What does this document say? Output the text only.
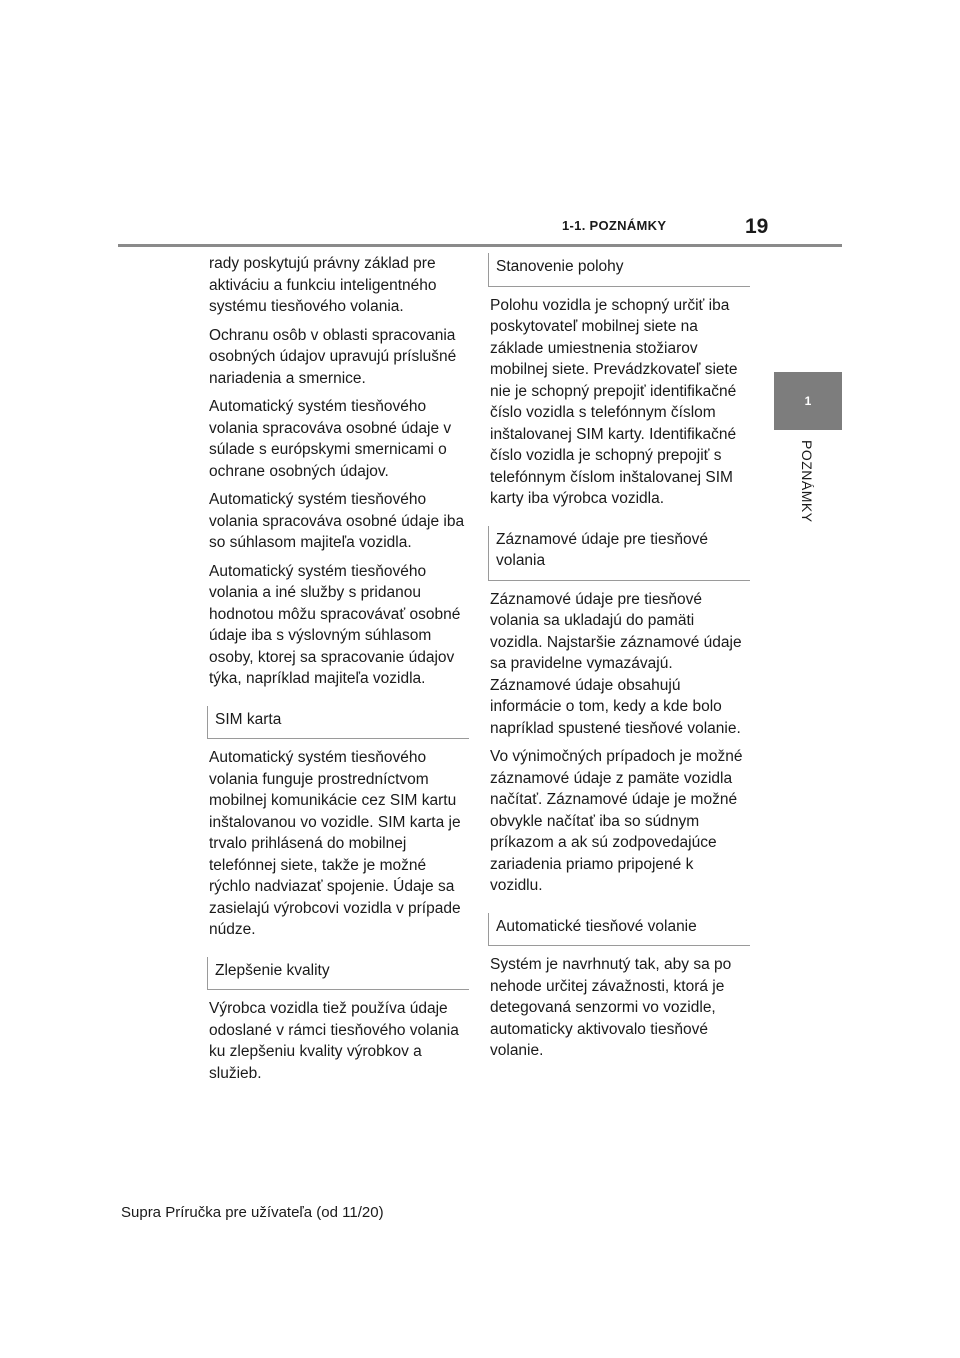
1-1. POZNÁMKY	19
1
POZNÁMKY

rady poskytujú právny základ pre aktiváciu a funkciu inteligentného systému tiesňového volania.

Ochranu osôb v oblasti spracovania osobných údajov upravujú príslušné nariadenia a smernice.

Automatický systém tiesňového volania spracováva osobné údaje v súlade s európskymi smernicami o ochrane osobných údajov.

Automatický systém tiesňového volania spracováva osobné údaje iba so súhlasom majiteľa vozidla.

Automatický systém tiesňového volania a iné služby s pridanou hodnotou môžu spracovávať osobné údaje iba s výslovným súhlasom osoby, ktorej sa spracovanie údajov týka, napríklad majiteľa vozidla.

SIM karta

Automatický systém tiesňového volania funguje prostredníctvom mobilnej komunikácie cez SIM kartu inštalovanou vo vozidle. SIM karta je trvalo prihlásená do mobilnej telefónnej siete, takže je možné rýchlo nadviazať spojenie. Údaje sa zasielajú výrobcovi vozidla v prípade núdze.

Zlepšenie kvality

Výrobca vozidla tiež používa údaje odoslané v rámci tiesňového volania ku zlepšeniu kvality výrobkov a služieb.

Stanovenie polohy

Polohu vozidla je schopný určiť iba poskytovateľ mobilnej siete na základe umiestnenia stožiarov mobilnej siete. Prevádzkovateľ siete nie je schopný prepojiť identifikačné číslo vozidla s telefónnym číslom inštalovanej SIM karty. Identifikačné číslo vozidla je schopný prepojiť s telefónnym číslom inštalovanej SIM karty iba výrobca vozidla.

Záznamové údaje pre tiesňové volania

Záznamové údaje pre tiesňové volania sa ukladajú do pamäti vozidla. Najstaršie záznamové údaje sa pravidelne vymazávajú. Záznamové údaje obsahujú informácie o tom, kedy a kde bolo napríklad spustené tiesňové volanie.

Vo výnimočných prípadoch je možné záznamové údaje z pamäte vozidla načítať. Záznamové údaje je možné obvykle načítať iba so súdnym príkazom a ak sú zodpovedajúce zariadenia priamo pripojené k vozidlu.

Automatické tiesňové volanie

Systém je navrhnutý tak, aby sa po nehode určitej závažnosti, ktorá je detegovaná senzormi vo vozidle, automaticky aktivovalo tiesňové volanie.

Supra Príručka pre užívateľa (od 11/20)
